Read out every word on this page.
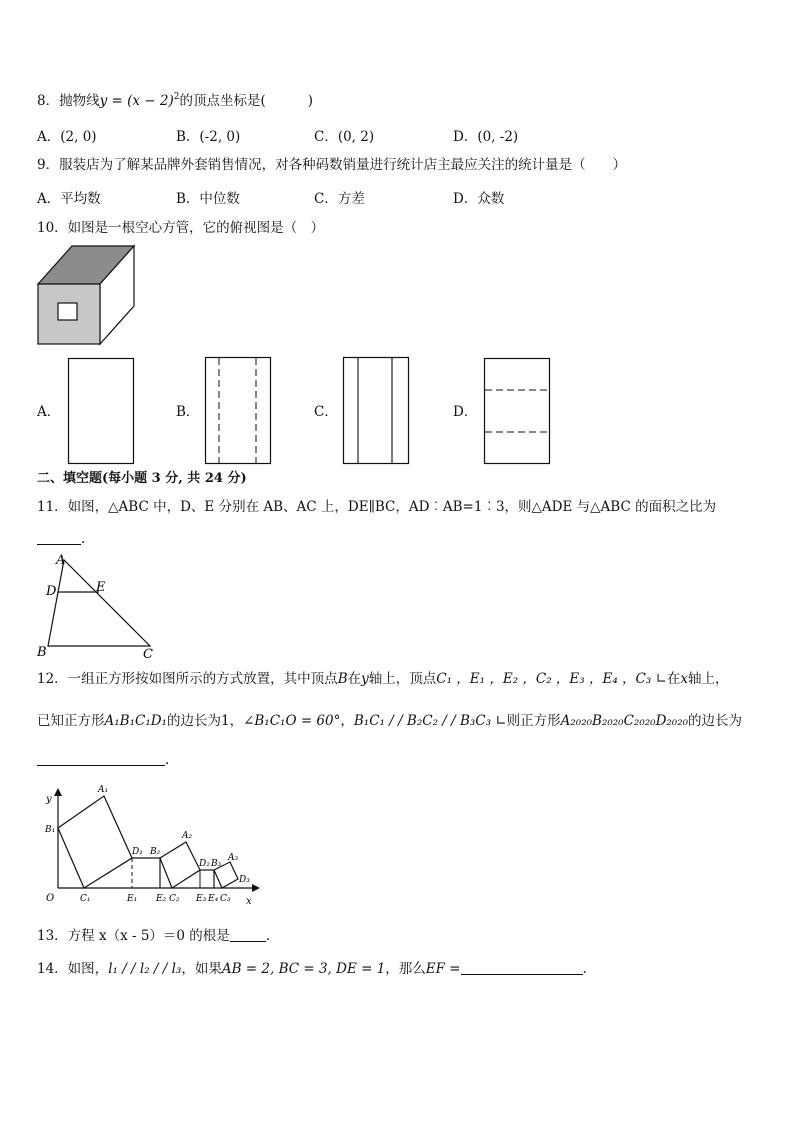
8．抛物线$y = (x - 2)^2$的顶点坐标是(	)
A．(2, 0)	B．(-2, 0)	C．(0, 2)	D．(0, -2)
9．服装店为了解某品牌外套销售情况，对各种码数销量进行统计店主最应关注的统计量是（　　）
A．平均数	B．中位数	C．方差	D．众数
10．如图是一根空心方管，它的俯视图是（　）
A．	B．	C．	D．
二、填空题(每小题 3 分, 共 24 分)
11．如图，△ABC 中，D、E 分别在 AB、AC 上，DE∥BC，AD︰AB=1︰3，则△ADE 与△ABC 的面积之比为
.
A
D	E
B	C
12．一组正方形按如图所示的方式放置，其中顶点B在y轴上，顶点C₁ ，E₁ ，E₂ ，C₂ ，E₃ ，E₄ ，C₃ ∟在x轴上，
已知正方形A₁B₁C₁D₁的边长为1，∠B₁C₁O = 60°，B₁C₁ / / B₂C₂ / / B₃C₃ ∟则正方形A₂₀₂₀B₂₀₂₀C₂₀₂₀D₂₀₂₀的边长为
.
y
x
O
A₁
B₁
C₁
D₁
E₁
A₂
B₂
E₂ C₂
D₂ B₃
E₃ E₄ C₃
A₃
D₃
13．方程 x（x - 5）＝0 的根是	.
14．如图，l₁ / / l₂ / / l₃，如果AB = 2, BC = 3, DE = 1，那么EF =	.
